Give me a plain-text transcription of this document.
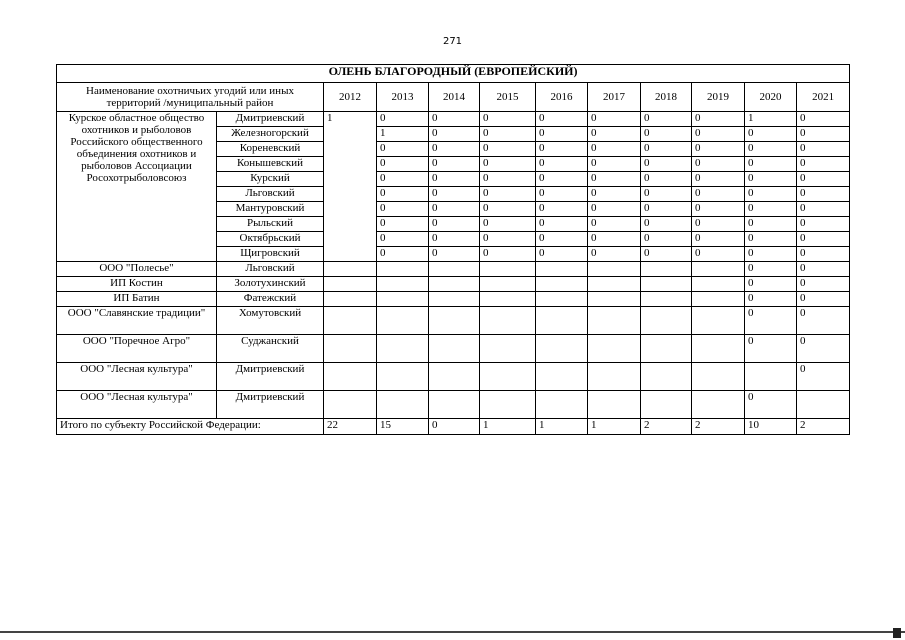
271
ОЛЕНЬ БЛАГОРОДНЫЙ (ЕВРОПЕЙСКИЙ)											
Наименование охотничьих угодий или иных территорий /муниципальный район		2012	2013	2014	2015	2016	2017	2018	2019	2020	2021
Курское областное общество охотников и рыболовов Российского общественного объединения охотников и рыболовов Ассоциации Росохотрыболовсоюз	Дмитриевский	1	0	0	0	0	0	0	0	1	0
	Железногорский		1	0	0	0	0	0	0	0	0
	Кореневский		0	0	0	0	0	0	0	0	0
	Конышевский		0	0	0	0	0	0	0	0	0
	Курский		0	0	0	0	0	0	0	0	0
	Льговский		0	0	0	0	0	0	0	0	0
	Мантуровский		0	0	0	0	0	0	0	0	0
	Рыльский		0	0	0	0	0	0	0	0	0
	Октябрьский		0	0	0	0	0	0	0	0	0
	Щигровский		0	0	0	0	0	0	0	0	0
ООО "Полесье"	Льговский									0	0
ИП Костин	Золотухинский									0	0
ИП Батин	Фатежский									0	0
ООО "Славянские традиции"	Хомутовский									0	0
ООО "Поречное Агро"	Суджанский									0	0
ООО "Лесная культура"	Дмитриевский										0
ООО "Лесная культура"	Дмитриевский									0	
Итого по субъекту Российской Федерации:		22	15	0	1	1	1	2	2	10	2
